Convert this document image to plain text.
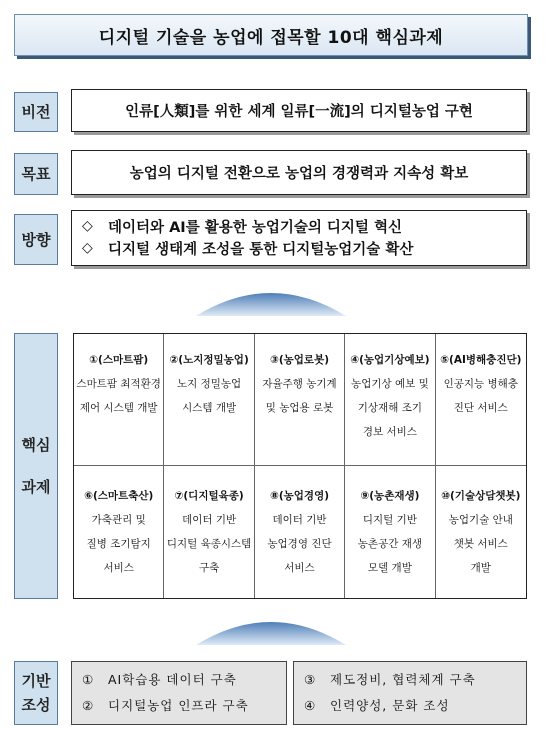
디지털 기술을 농업에 접목할 10대 핵심과제
비전	인류[人類]를 위한 세계 일류[一流]의 디지털농업 구현
목표	농업의 디지털 전환으로 농업의 경쟁력과 지속성 확보
방향
◇	데이터와 AI를 활용한 농업기술의 디지털 혁신
◇	디지털 생태계 조성을 통한 디지털농업기술 확산
핵심
과제
①(스마트팜)
스마트팜 최적환경
제어 시스템 개발
②(노지정밀농업)
노지 정밀농업
시스템 개발
③(농업로봇)
자율주행 농기계
및 농업용 로봇
④(농업기상예보)
농업기상 예보 및
기상재해 조기
경보 서비스
⑤(AI병해충진단)
인공지능 병해충
진단 서비스
⑥(스마트축산)
가축관리 및
질병 조기탐지
서비스
⑦(디지털육종)
데이터 기반
디지털 육종시스템
구축
⑧(농업경영)
데이터 기반
농업경영 진단
서비스
⑨(농촌재생)
디지털 기반
농촌공간 재생
모델 개발
⑩(기술상담챗봇)
농업기술 안내
챗봇 서비스
개발
기반
조성
①	AI학습용 데이터 구축
②	디지털농업 인프라 구축
③	제도정비, 협력체계 구축
④	인력양성, 문화 조성
